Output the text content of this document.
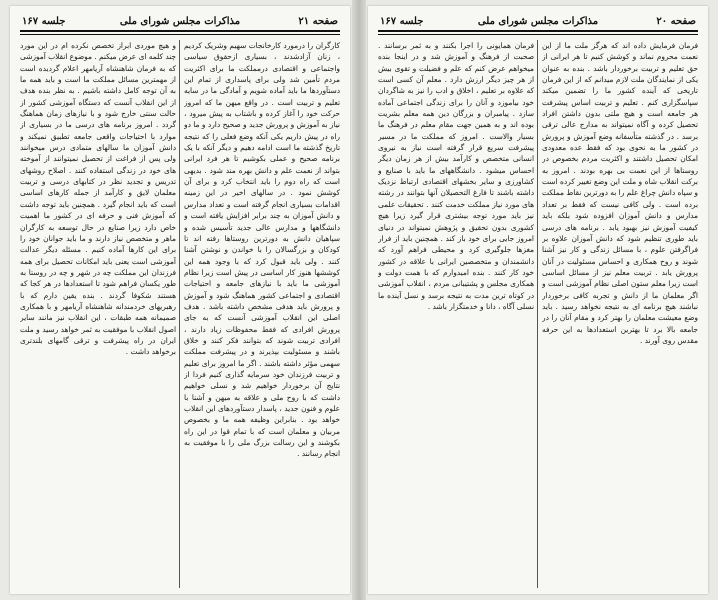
صفحه ۲۱
مذاکرات مجلس شورای ملی
جلسه ۱۶۷

کارگران را درمورد کارخانجات سهیم وشریک کردیم ، زنان آزادشدند ، بسیاری ازحقوق سیاسی واجتماعی و اقتصادی درمملکت ما برای اکثریت مردم تأمین شد ولی برای پاسداری از تمام این دستآوردها ما باید آماده شویم و آمادگی ما در سایه تعلیم و تربیت است . در واقع میهن ما که امروز حرکت خود را آغاز کرده و باشتاب به پیش میرود ، نیاز به آموزش و پرورش جدید و صحیح دارد و ما دو راه در پیش داریم یکی آنکه وضع فعلی را که نتیجه تاریخ گذشته ما است ادامه دهیم و دیگر آنکه با یک برنامه صحیح و عملی بکوشیم تا هر فرد ایرانی بتواند از نعمت علم و دانش بهره مند شود . بدیهی است که راه دوم را باید انتخاب کرد و برای آن کوشش نمود . در سالهای اخیر در این زمینه اقدامات بسیاری انجام گرفته است و تعداد مدارس و دانش آموزان به چند برابر افزایش یافته است و دانشگاهها و مدارس عالی جدید تأسیس شده و سپاهیان دانش به دورترین روستاها رفته اند تا کودکان و بزرگسالان را با خواندن و نوشتن آشنا کنند . ولی باید قبول کرد که با وجود همه این کوششها هنوز کار اساسی در پیش است زیرا نظام آموزشی ما باید با نیازهای جامعه و احتیاجات اقتصادی و اجتماعی کشور هماهنگ شود و آموزش و پرورش باید هدفی مشخص داشته باشد . هدف اصلی این انقلاب آموزشی آنست که به جای پرورش افرادی که فقط محفوظات زیاد دارند ، افرادی تربیت شوند که بتوانند فکر کنند و خلاق باشند و مسئولیت بپذیرند و در پیشرفت مملکت سهمی مؤثر داشته باشند . اگر ما امروز برای تعلیم و تربیت فرزندان خود سرمایه گذاری کنیم فردا از نتایج آن برخوردار خواهیم شد و نسلی خواهیم داشت که با روح ملی و علاقه به میهن و آشنا با علوم و فنون جدید ، پاسدار دستآوردهای این انقلاب خواهد بود . بنابراین وظیفه همه ما و بخصوص مربیان و معلمان است که با تمام قوا در این راه بکوشند و این رسالت بزرگ ملی را با موفقیت به انجام رسانند .

و هیچ موردی ابراز تخصص نکرده ام در این مورد چند کلمه ای عرض میکنم . موضوع انقلاب آموزشی که به فرمان شاهنشاه آریامهر اعلام گردیده است از مهمترین مسائل مملکت ما است و باید همه ما به آن توجه کامل داشته باشیم . به نظر بنده هدف از این انقلاب آنست که دستگاه آموزشی کشور از حالت سنتی خارج شود و با نیازهای زمان هماهنگ گردد . امروز برنامه های درسی ما در بسیاری از موارد با احتیاجات واقعی جامعه تطبیق نمیکند و دانش آموزان ما سالهای متمادی درس میخوانند ولی پس از فراغت از تحصیل نمیتوانند از آموخته های خود در زندگی استفاده کنند . اصلاح روشهای تدریس و تجدید نظر در کتابهای درسی و تربیت معلمان لایق و کارآمد از جمله کارهای اساسی است که باید انجام گیرد . همچنین باید توجه داشت که آموزش فنی و حرفه ای در کشور ما اهمیت خاص دارد زیرا صنایع در حال توسعه به کارگران ماهر و متخصص نیاز دارند و ما باید جوانان خود را برای این کارها آماده کنیم . مسئله دیگر عدالت آموزشی است یعنی باید امکانات تحصیل برای همه فرزندان این مملکت چه در شهر و چه در روستا به طور یکسان فراهم شود تا استعدادها در هر کجا که هستند شکوفا گردند . بنده یقین دارم که با رهبریهای خردمندانه شاهنشاه آریامهر و با همکاری صمیمانه همه طبقات ، این انقلاب نیز مانند سایر اصول انقلاب با موفقیت به ثمر خواهد رسید و ملت ایران در راه پیشرفت و ترقی گامهای بلندتری برخواهد داشت .

صفحه ۲۰
مذاکرات مجلس شورای ملی
جلسه ۱۶۷

فرمان فرمایش داده اند که هرگز ملت ما از این نعمت محروم نماند و کوشش کنیم تا هر ایرانی از حق تعلیم و تربیت برخوردار باشد . بنده به عنوان یکی از نمایندگان ملت لازم میدانم که از این فرمان تاریخی که آینده کشور ما را تضمین میکند سپاسگزاری کنم . تعلیم و تربیت اساس پیشرفت هر جامعه است و هیچ ملتی بدون داشتن افراد تحصیل کرده و آگاه نمیتواند به مدارج عالی ترقی برسد . در گذشته متأسفانه وضع آموزش و پرورش در کشور ما به نحوی بود که فقط عده معدودی امکان تحصیل داشتند و اکثریت مردم بخصوص در روستاها از این نعمت بی بهره بودند . امروز به برکت انقلاب شاه و ملت این وضع تغییر کرده است و سپاه دانش چراغ علم را به دورترین نقاط مملکت برده است . ولی کافی نیست که فقط بر تعداد مدارس و دانش آموزان افزوده شود بلکه باید کیفیت آموزش نیز بهبود یابد . برنامه های درسی باید طوری تنظیم شود که دانش آموزان علاوه بر فراگرفتن علوم ، با مسائل زندگی و کار نیز آشنا شوند و روح همکاری و احساس مسئولیت در آنان پرورش یابد . تربیت معلم نیز از مسائل اساسی است زیرا معلم ستون اصلی نظام آموزشی است و اگر معلمان ما از دانش و تجربه کافی برخوردار نباشند هیچ برنامه ای به نتیجه نخواهد رسید . باید وضع معیشت معلمان را بهتر کرد و مقام آنان را در جامعه بالا برد تا بهترین استعدادها به این حرفه مقدس روی آورند .

فرمان همایونی را اجرا بکنند و به ثمر برسانند . صحبت از فرهنگ و آموزش شد و در اینجا بنده میخواهم عرض کنم که علم و فضیلت و تقوی بیش از هر چیز دیگر ارزش دارد . معلم آن کسی است که علاوه بر تعلیم ، اخلاق و ادب را نیز به شاگردان خود بیاموزد و آنان را برای زندگی اجتماعی آماده سازد . پیامبران و بزرگان دین همه معلم بشریت بوده اند و به همین جهت مقام معلم در فرهنگ ما بسیار والاست . امروز که مملکت ما در مسیر پیشرفت سریع قرار گرفته است نیاز به نیروی انسانی متخصص و کارآمد بیش از هر زمان دیگر احساس میشود . دانشگاههای ما باید با صنایع و کشاورزی و سایر بخشهای اقتصادی ارتباط نزدیک داشته باشند تا فارغ التحصیلان آنها بتوانند در رشته های مورد نیاز مملکت خدمت کنند . تحقیقات علمی نیز باید مورد توجه بیشتری قرار گیرد زیرا هیچ کشوری بدون تحقیق و پژوهش نمیتواند در دنیای امروز جایی برای خود باز کند . همچنین باید از فرار مغزها جلوگیری کرد و محیطی فراهم آورد که دانشمندان و متخصصین ایرانی با علاقه در کشور خود کار کنند . بنده امیدوارم که با همت دولت و همکاری مجلس و پشتیبانی مردم ، انقلاب آموزشی در کوتاه ترین مدت به نتیجه برسد و نسل آینده ما نسلی آگاه ، دانا و خدمتگزار باشد .
